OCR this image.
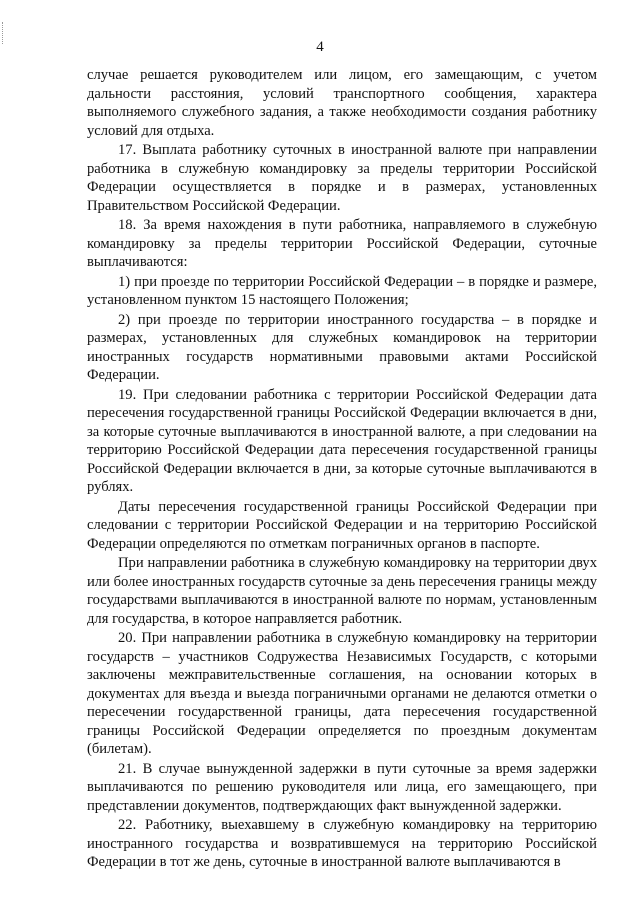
4

случае решается руководителем или лицом, его замещающим, с учетом дальности расстояния, условий транспортного сообщения, характера выполняемого служебного задания, а также необходимости создания работнику условий для отдыха.

17. Выплата работнику суточных в иностранной валюте при направлении работника в служебную командировку за пределы территории Российской Федерации осуществляется в порядке и в размерах, установленных Правительством Российской Федерации.

18. За время нахождения в пути работника, направляемого в служебную командировку за пределы территории Российской Федерации, суточные выплачиваются:

1) при проезде по территории Российской Федерации – в порядке и размере, установленном пунктом 15 настоящего Положения;

2) при проезде по территории иностранного государства – в порядке и размерах, установленных для служебных командировок на территории иностранных государств нормативными правовыми актами Российской Федерации.

19. При следовании работника с территории Российской Федерации дата пересечения государственной границы Российской Федерации включается в дни, за которые суточные выплачиваются в иностранной валюте, а при следовании на территорию Российской Федерации дата пересечения государственной границы Российской Федерации включается в дни, за которые суточные выплачиваются в рублях.

Даты пересечения государственной границы Российской Федерации при следовании с территории Российской Федерации и на территорию Российской Федерации определяются по отметкам пограничных органов в паспорте.

При направлении работника в служебную командировку на территории двух или более иностранных государств суточные за день пересечения границы между государствами выплачиваются в иностранной валюте по нормам, установленным для государства, в которое направляется работник.

20. При направлении работника в служебную командировку на территории государств – участников Содружества Независимых Государств, с которыми заключены межправительственные соглашения, на основании которых в документах для въезда и выезда пограничными органами не делаются отметки о пересечении государственной границы, дата пересечения государственной границы Российской Федерации определяется по проездным документам (билетам).

21. В случае вынужденной задержки в пути суточные за время задержки выплачиваются по решению руководителя или лица, его замещающего, при представлении документов, подтверждающих факт вынужденной задержки.

22. Работнику, выехавшему в служебную командировку на территорию иностранного государства и возвратившемуся на территорию Российской Федерации в тот же день, суточные в иностранной валюте выплачиваются в
